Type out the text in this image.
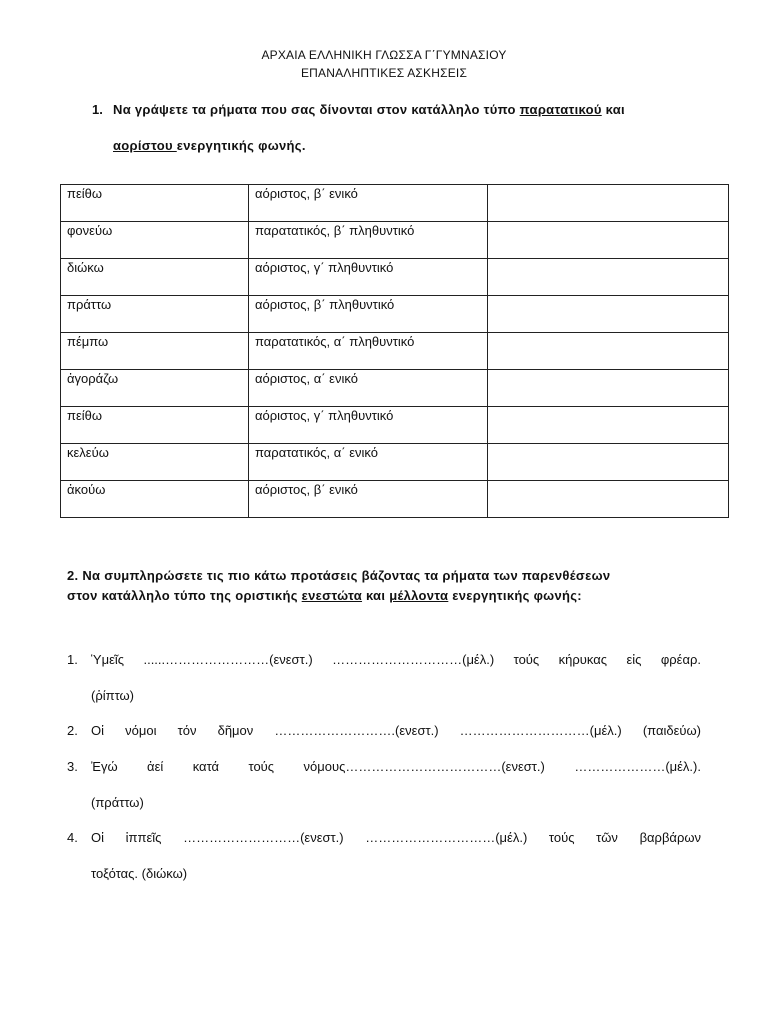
ΑΡΧΑΙΑ ΕΛΛΗΝΙΚΗ ΓΛΩΣΣΑ Γ΄ΓΥΜΝΑΣΙΟΥ
ΕΠΑΝΑΛΗΠΤΙΚΕΣ ΑΣΚΗΣΕΙΣ
1. Να γράψετε τα ρήματα που σας δίνονται στον κατάλληλο τύπο παρατατικού και
αορίστου ενεργητικής φωνής.
πείθω	αόριστος, β΄ ενικό	
φονεύω	παρατατικός, β΄ πληθυντικό	
διώκω	αόριστος, γ΄ πληθυντικό	
πράττω	αόριστος, β΄ πληθυντικό	
πέμπω	παρατατικός, α΄ πληθυντικό	
ἀγοράζω	αόριστος, α΄ ενικό	
πείθω	αόριστος, γ΄ πληθυντικό	
κελεύω	παρατατικός, α΄ ενικό	
ἀκούω	αόριστος, β΄ ενικό	
2. Να συμπληρώσετε τις πιο κάτω προτάσεις βάζοντας τα ρήματα των παρενθέσεων
στον κατάλληλο τύπο της οριστικής ενεστώτα και μέλλοντα ενεργητικής φωνής:
1. Ὑμεῖς ......……………………(ενεστ.) …………………………(μέλ.) τούς κήρυκας εἰς φρέαρ.
(ῥίπτω)
2. Οἱ νόμοι τόν δῆμον ……………………….(ενεστ.) …………………………(μέλ.) (παιδεύω)
3. Ἐγώ ἀεί κατά τούς νόμους………………………………(ενεστ.) …………………(μέλ.).
(πράττω)
4. Οἱ ἱππεῖς ………………………(ενεστ.) …………………………(μέλ.) τούς τῶν βαρβάρων
τοξότας. (διώκω)
